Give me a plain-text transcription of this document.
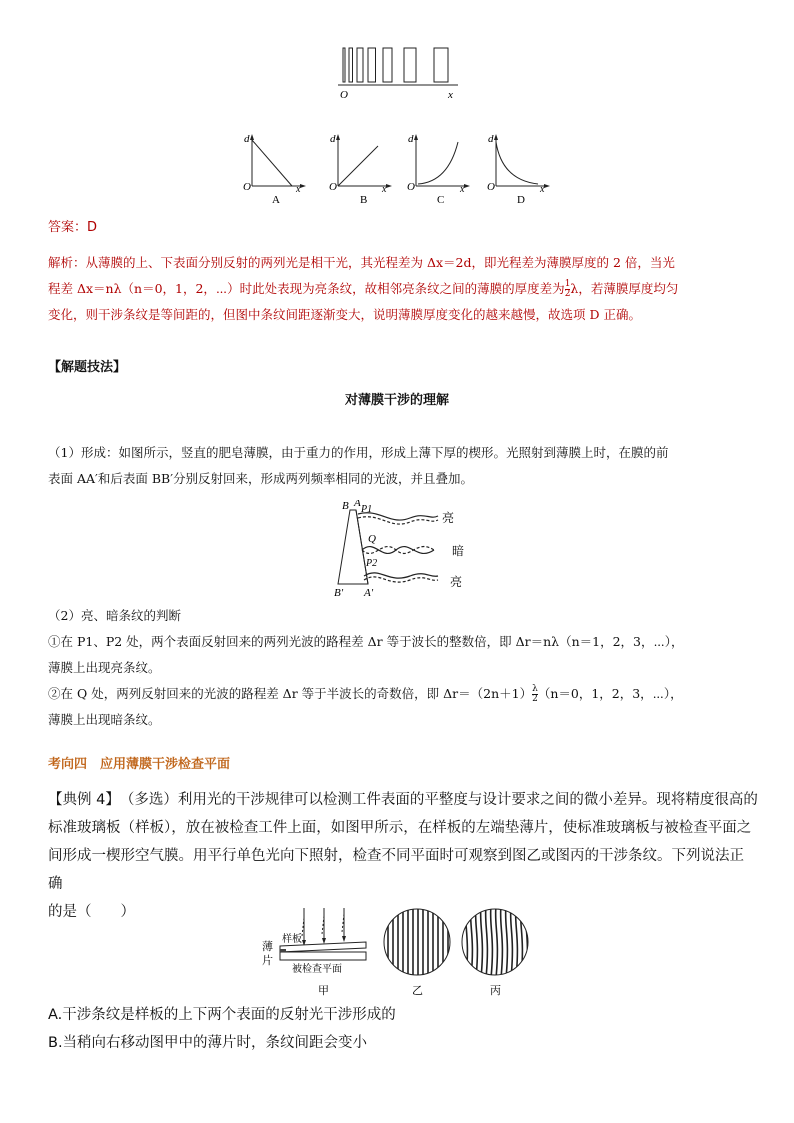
O	x
d
O	x
A
d
O	x
B
d
O	x
C
d
O	x
D
答案：D
解析：从薄膜的上、下表面分别反射的两列光是相干光，其光程差为 Δx＝2d，即光程差为薄膜厚度的 2 倍，当光
程差 Δx＝nλ（n＝0，1，2，⋯）时此处表现为亮条纹，故相邻亮条纹之间的薄膜的厚度差为 $\frac{1}{2}$ λ，若薄膜厚度均匀
变化，则干涉条纹是等间距的，但图中条纹间距逐渐变大，说明薄膜厚度变化的越来越慢，故选项 D 正确。
【解题技法】
对薄膜干涉的理解
（1）形成：如图所示，竖直的肥皂薄膜，由于重力的作用，形成上薄下厚的楔形。光照射到薄膜上时，在膜的前
表面 AA′和后表面 BB′分别反射回来，形成两列频率相同的光波，并且叠加。
B A
P1
Q
P2
B′ A′
亮
暗
亮
（2）亮、暗条纹的判断
①在 P1、P2 处，两个表面反射回来的两列光波的路程差 Δr 等于波长的整数倍，即 Δr＝nλ（n＝1，2，3，⋯），
薄膜上出现亮条纹。
②在 Q 处，两列反射回来的光波的路程差 Δr 等于半波长的奇数倍，即 $\Delta r=(2n+1) \frac{\lambda}{2} (n=0$，1，2，3，⋯），
薄膜上出现暗条纹。
考向四　应用薄膜干涉检查平面
【典例 4】　（多选）利用光的干涉规律可以检测工件表面的平整度与设计要求之间的微小差异。现将精度很高的
标准玻璃板（样板），放在被检查工件上面，如图甲所示，在样板的左端垫薄片，使标准玻璃板与被检查平面之
间形成一楔形空气膜。用平行单色光向下照射，检查不同平面时可观察到图乙或图丙的干涉条纹。下列说法正确
的是（　　）
样板
薄
片
被检查平面
甲	乙	丙
A.干涉条纹是样板的上下两个表面的反射光干涉形成的
B.当稍向右移动图甲中的薄片时，条纹间距会变小
